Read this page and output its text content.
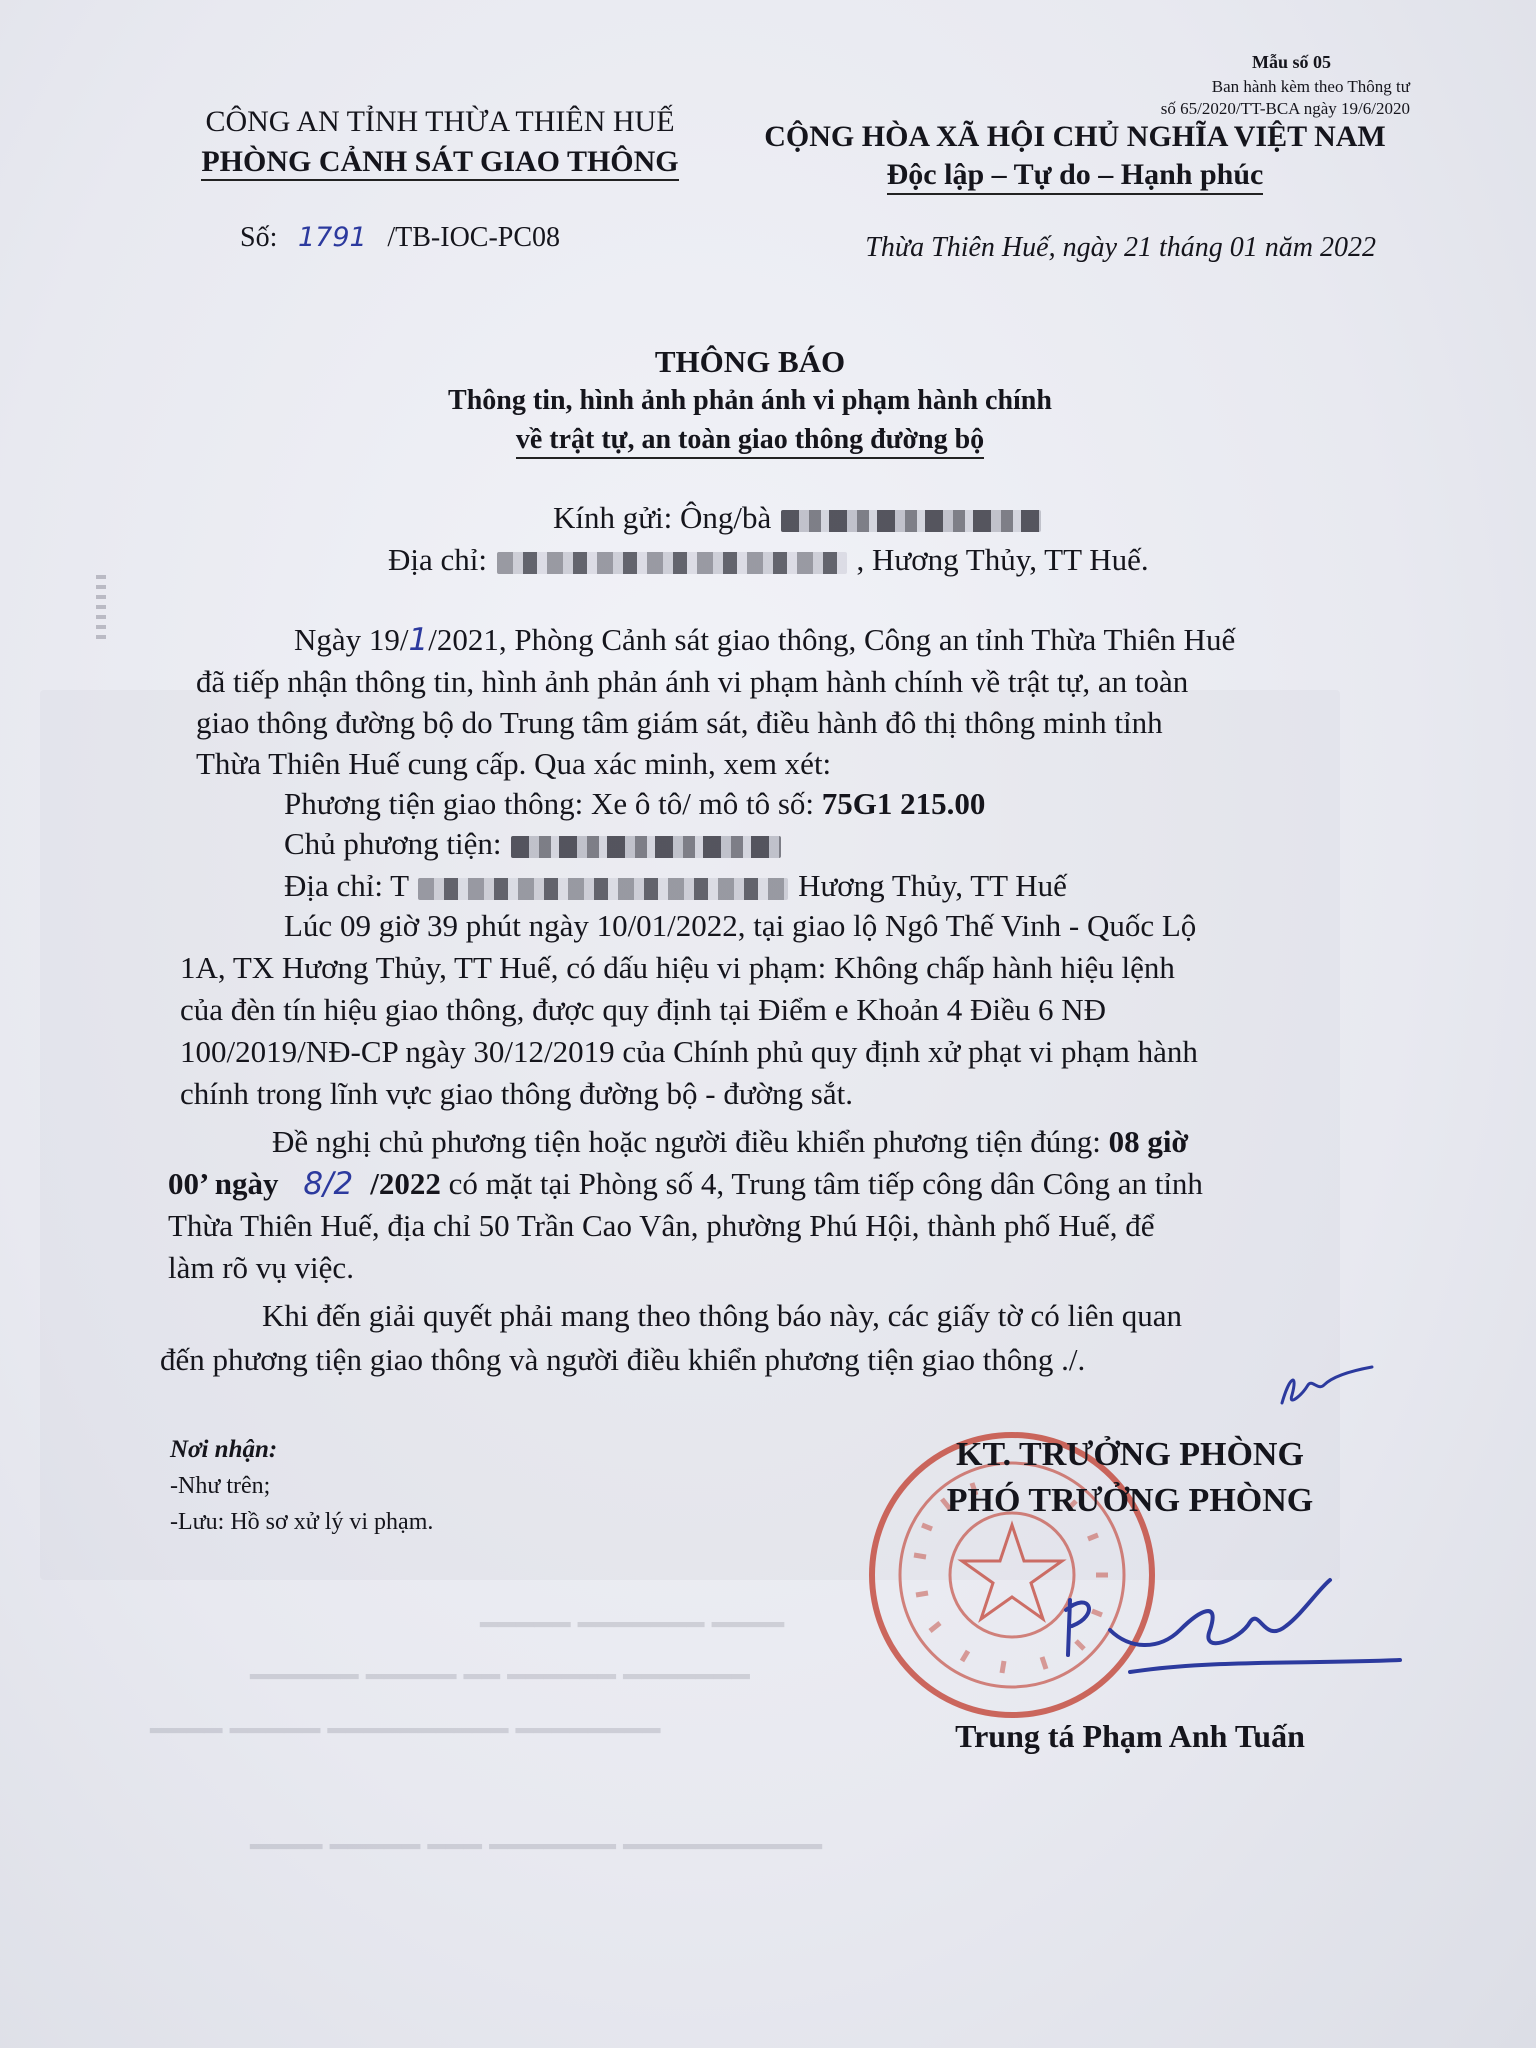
Mẫu số 05
Ban hành kèm theo Thông tư
số 65/2020/TT-BCA ngày 19/6/2020
CÔNG AN TỈNH THỪA THIÊN HUẾ
PHÒNG CẢNH SÁT GIAO THÔNG
CỘNG HÒA XÃ HỘI CHỦ NGHĨA VIỆT NAM
Độc lập – Tự do – Hạnh phúc
Số: 1791 /TB-IOC-PC08	Thừa Thiên Huế, ngày 21 tháng 01 năm 2022
THÔNG BÁO
Thông tin, hình ảnh phản ánh vi phạm hành chính
về trật tự, an toàn giao thông đường bộ
Kính gửi: Ông/bà
Địa chỉ:	, Hương Thủy, TT Huế.
Ngày 19/1/2021, Phòng Cảnh sát giao thông, Công an tỉnh Thừa Thiên Huế
đã tiếp nhận thông tin, hình ảnh phản ánh vi phạm hành chính về trật tự, an toàn
giao thông đường bộ do Trung tâm giám sát, điều hành đô thị thông minh tỉnh
Thừa Thiên Huế cung cấp. Qua xác minh, xem xét:
Phương tiện giao thông: Xe ô tô/ mô tô số: 75G1 215.00
Chủ phương tiện:
Địa chỉ: T	Hương Thủy, TT Huế
Lúc 09 giờ 39 phút ngày 10/01/2022, tại giao lộ Ngô Thế Vinh - Quốc Lộ
1A, TX Hương Thủy, TT Huế, có dấu hiệu vi phạm: Không chấp hành hiệu lệnh
của đèn tín hiệu giao thông, được quy định tại Điểm e Khoản 4 Điều 6 NĐ
100/2019/NĐ-CP ngày 30/12/2019 của Chính phủ quy định xử phạt vi phạm hành
chính trong lĩnh vực giao thông đường bộ - đường sắt.
Đề nghị chủ phương tiện hoặc người điều khiển phương tiện đúng: 08 giờ
00’ ngày 8/2 /2022 có mặt tại Phòng số 4, Trung tâm tiếp công dân Công an tỉnh
Thừa Thiên Huế, địa chỉ 50 Trần Cao Vân, phường Phú Hội, thành phố Huế, để
làm rõ vụ việc.
Khi đến giải quyết phải mang theo thông báo này, các giấy tờ có liên quan
đến phương tiện giao thông và người điều khiển phương tiện giao thông ./.
Nơi nhận:
-Như trên;
-Lưu: Hồ sơ xử lý vi phạm.
KT. TRƯỞNG PHÒNG
PHÓ TRƯỞNG PHÒNG
Trung tá Phạm Anh Tuấn
━━━━━ ━━━━━━━ ━━━━
━━━━━━ ━━━━━ ━━ ━━━━━━ ━━━━━━━
━━━━ ━━━━━ ━━━━━━━━━━ ━━━━━━━━
━━━━ ━━━━━ ━━━ ━━━━━━━ ━━━━━━━━━━━
